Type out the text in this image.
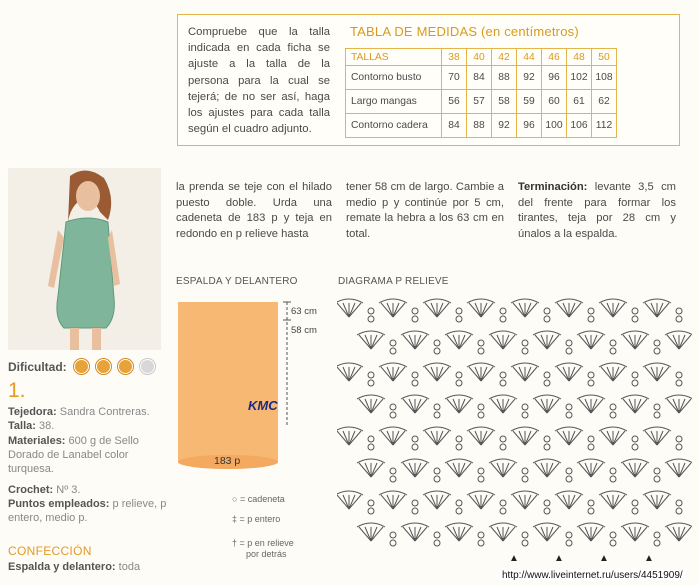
Compruebe que la talla indicada en cada ficha se ajuste a la talla de la persona para la cual se tejerá; de no ser así, haga los ajustes para cada talla según el cuadro adjunto.
TABLA DE MEDIDAS (en centímetros)
TALLAS	38	40	42	44	46	48	50
Contorno busto	70	84	88	92	96	102	108
Largo mangas	56	57	58	59	60	61	62
Contorno cadera	84	88	92	96	100	106	112
Dificultad:
1.
Tejedora: Sandra Contreras.
Talla: 38.
Materiales: 600 g de Sello Dorado de Lanabel color turquesa.
Crochet: Nº 3.
Puntos empleados: p relieve, p entero, medio p.
CONFECCIÓN
Espalda y delantero: toda
la prenda se teje con el hilado puesto doble. Urda una cadeneta de 183 p y teja en redondo en p relieve hasta
tener 58 cm de largo. Cambie a medio p y continúe por 5 cm, remate la hebra a los 63 cm en total.
Terminación: levante 3,5 cm del frente para formar los tirantes, teja por 28 cm y únalos a la espalda.
ESPALDA Y DELANTERO
63 cm
58 cm
KMC
183 p
○ = cadeneta
‡ = p entero
† = p en relieve
por detrás
DIAGRAMA P RELIEVE
▲	▲	▲	▲
http://www.liveinternet.ru/users/4451909/
